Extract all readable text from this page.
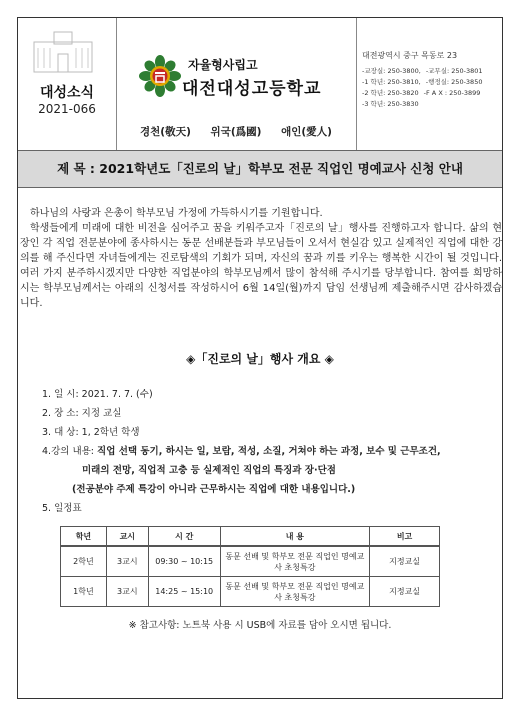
대성소식
2021-066
자율형사립고
대전대성고등학교
경천(敬天) 위국(爲國) 애인(愛人)
대전광역시 중구 목동로 23
-교장실: 250-3800, -교무실: 250-3801
-1 학년: 250-3810, -행정실: 250-3850
-2 학년: 250-3820 -F A X : 250-3899
-3 학년: 250-3830
제 목 : 2021학년도「진로의 날」학부모 전문 직업인 명예교사 신청 안내

하나님의 사랑과 은총이 학부모님 가정에 가득하시기를 기원합니다.

학생들에게 미래에 대한 비전을 심어주고 꿈을 키워주고자「진로의 날」행사를 진행하고자 합니다. 삶의 현장인 각 직업 전문분야에 종사하시는 동문 선배분들과 부모님들이 오셔서 현실감 있고 실제적인 직업에 대한 강의를 해 주신다면 자녀들에게는 진로탐색의 기회가 되며, 자신의 꿈과 끼를 키우는 행복한 시간이 될 것입니다. 여러 가지 분주하시겠지만 다양한 직업분야의 학부모님께서 많이 참석해 주시기를 당부합니다. 참여를 희망하시는 학부모님께서는 아래의 신청서를 작성하시어 6월 14일(월)까지 담임 선생님께 제출해주시면 감사하겠습니다.

◈「진로의 날」행사 개요 ◈
1. 일 시: 2021. 7. 7. (수)
2. 장 소: 지정 교실
3. 대 상: 1, 2학년 학생
4.강의 내용: 직업 선택 동기, 하시는 일, 보람, 적성, 소질, 거쳐야 하는 과정, 보수 및 근무조건,
미래의 전망, 직업적 고충 등 실제적인 직업의 특징과 장·단점
(전공분야 주제 특강이 아니라 근무하시는 직업에 대한 내용입니다.)
5. 일정표
학년	교시	시 간	내 용	비고
2학년	3교시	09:30 ~ 10:15	동문 선배 및 학부모 전문 직업인 명예교사 초청특강	지정교실
1학년	3교시	14:25 ~ 15:10	동문 선배 및 학부모 전문 직업인 명예교사 초청특강	지정교실
※ 참고사항: 노트북 사용 시 USB에 자료를 담아 오시면 됩니다.
